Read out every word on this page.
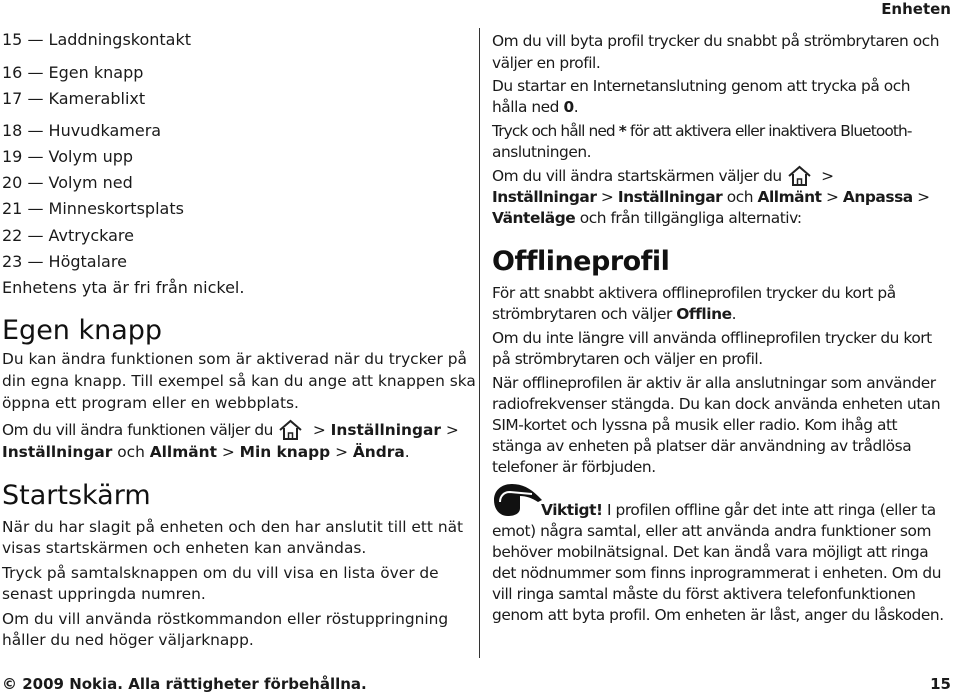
Enheten
15 — Laddningskontakt
16 — Egen knapp
17 — Kamerablixt
18 — Huvudkamera
19 — Volym upp
20 — Volym ned
21 — Minneskortsplats
22 — Avtryckare
23 — Högtalare
Enhetens yta är fri från nickel.
Egen knapp
Du kan ändra funktionen som är aktiverad när du trycker på
din egna knapp. Till exempel så kan du ange att knappen ska
öppna ett program eller en webbplats.
Om du vill ändra funktionen väljer du > Inställningar >
Inställningar och Allmänt > Min knapp > Ändra.
Startskärm
När du har slagit på enheten och den har anslutit till ett nät
visas startskärmen och enheten kan användas.
Tryck på samtalsknappen om du vill visa en lista över de
senast uppringda numren.
Om du vill använda röstkommandon eller röstuppringning
håller du ned höger väljarknapp.
Om du vill byta profil trycker du snabbt på strömbrytaren och
väljer en profil.
Du startar en Internetanslutning genom att trycka på och
hålla ned 0.
Tryck och håll ned * för att aktivera eller inaktivera Bluetooth-
anslutningen.
Om du vill ändra startskärmen väljer du >
Inställningar > Inställningar och Allmänt > Anpassa >
Vänteläge och från tillgängliga alternativ:
Offlineprofil
För att snabbt aktivera offlineprofilen trycker du kort på
strömbrytaren och väljer Offline.
Om du inte längre vill använda offlineprofilen trycker du kort
på strömbrytaren och väljer en profil.
När offlineprofilen är aktiv är alla anslutningar som använder
radiofrekvenser stängda. Du kan dock använda enheten utan
SIM-kortet och lyssna på musik eller radio. Kom ihåg att
stänga av enheten på platser där användning av trådlösa
telefoner är förbjuden.
Viktigt! I profilen offline går det inte att ringa (eller ta
emot) några samtal, eller att använda andra funktioner som
behöver mobilnätsignal. Det kan ändå vara möjligt att ringa
det nödnummer som finns inprogrammerat i enheten. Om du
vill ringa samtal måste du först aktivera telefonfunktionen
genom att byta profil. Om enheten är låst, anger du låskoden.
© 2009 Nokia. Alla rättigheter förbehållna.	15
